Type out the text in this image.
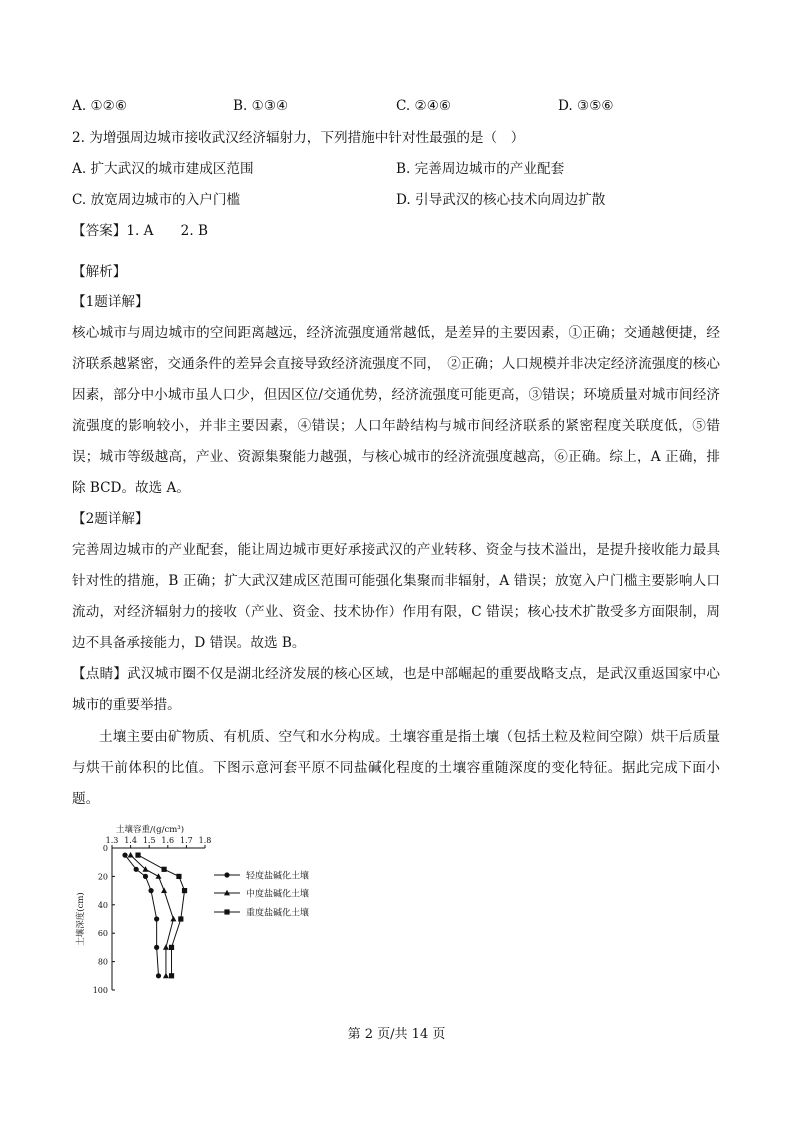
A. ①②⑥	B. ①③④	C. ②④⑥	D. ③⑤⑥
2. 为增强周边城市接收武汉经济辐射力，下列措施中针对性最强的是（　）
A. 扩大武汉的城市建成区范围	B. 完善周边城市的产业配套
C. 放宽周边城市的入户门槛	D. 引导武汉的核心技术向周边扩散
【答案】1. A　　2. B
【解析】
【1题详解】

核心城市与周边城市的空间距离越远，经济流强度通常越低，是差异的主要因素，①正确；交通越便捷，经济联系越紧密，交通条件的差异会直接导致经济流强度不同，　②正确；人口规模并非决定经济流强度的核心因素，部分中小城市虽人口少，但因区位/交通优势，经济流强度可能更高，③错误；环境质量对城市间经济流强度的影响较小，并非主要因素，④错误；人口年龄结构与城市间经济联系的紧密程度关联度低，⑤错误；城市等级越高，产业、资源集聚能力越强，与核心城市的经济流强度越高，⑥正确。综上，A 正确，排除 BCD。故选 A。

【2题详解】

完善周边城市的产业配套，能让周边城市更好承接武汉的产业转移、资金与技术溢出，是提升接收能力最具针对性的措施，B 正确；扩大武汉建成区范围可能强化集聚而非辐射，A 错误；放宽入户门槛主要影响人口流动，对经济辐射力的接收（产业、资金、技术协作）作用有限，C 错误；核心技术扩散受多方面限制，周边不具备承接能力，D 错误。故选 B。

【点睛】武汉城市圈不仅是湖北经济发展的核心区域，也是中部崛起的重要战略支点，是武汉重返国家中心城市的重要举措。

土壤主要由矿物质、有机质、空气和水分构成。土壤容重是指土壤（包括土粒及粒间空隙）烘干后质量与烘干前体积的比值。下图示意河套平原不同盐碱化程度的土壤容重随深度的变化特征。据此完成下面小题。

1.3 1.4 1.5 1.6 1.7 1.8
0
20
40
60
80
100
土壤容重/(g/cm³)
土壤深度(cm)
轻度盐碱化土壤
中度盐碱化土壤
重度盐碱化土壤
第 2 页/共 14 页
